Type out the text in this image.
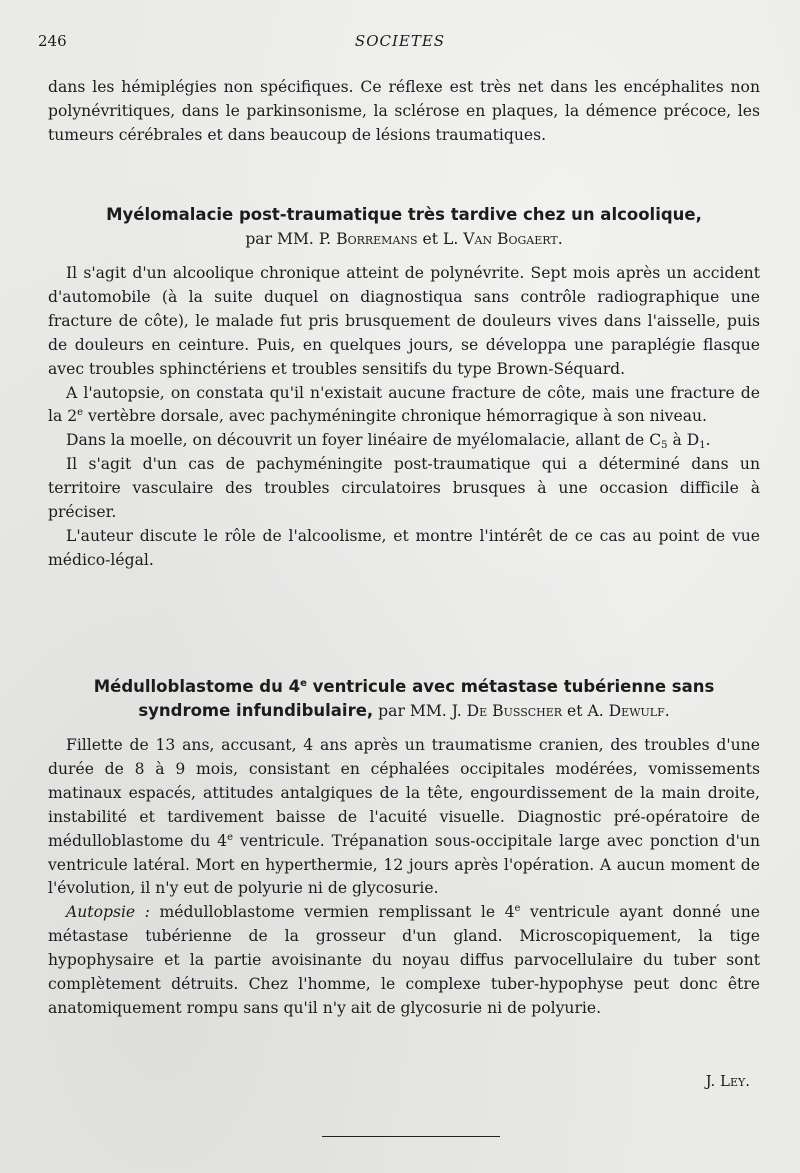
246	SOCIETES

dans les hémiplégies non spécifiques. Ce réflexe est très net dans les encéphalites non polynévritiques, dans le parkinsonisme, la sclérose en plaques, la démence précoce, les tumeurs cérébrales et dans beaucoup de lésions traumatiques.

Myélomalacie post-traumatique très tardive chez un alcoolique,
par MM. P. Borremans et L. Van Bogaert.

Il s'agit d'un alcoolique chronique atteint de polynévrite. Sept mois après un accident d'automobile (à la suite duquel on diagnostiqua sans contrôle radiographique une fracture de côte), le malade fut pris brusquement de douleurs vives dans l'aisselle, puis de douleurs en ceinture. Puis, en quelques jours, se développa une paraplégie flasque avec troubles sphinctériens et troubles sensitifs du type Brown-Séquard.

A l'autopsie, on constata qu'il n'existait aucune fracture de côte, mais une fracture de la 2e vertèbre dorsale, avec pachyméningite chronique hémorragique à son niveau.

Dans la moelle, on découvrit un foyer linéaire de myélomalacie, allant de $C_5$ à $D_1$.

Il s'agit d'un cas de pachyméningite post-traumatique qui a déterminé dans un territoire vasculaire des troubles circulatoires brusques à une occasion difficile à préciser.

L'auteur discute le rôle de l'alcoolisme, et montre l'intérêt de ce cas au point de vue médico-légal.

Médulloblastome du 4e ventricule avec métastase tubérienne sans syndrome infundibulaire, par MM. J. De Busscher et A. Dewulf.

Fillette de 13 ans, accusant, 4 ans après un traumatisme cranien, des troubles d'une durée de 8 à 9 mois, consistant en céphalées occipitales modérées, vomissements matinaux espacés, attitudes antalgiques de la tête, engourdissement de la main droite, instabilité et tardivement baisse de l'acuité visuelle. Diagnostic pré-opératoire de médulloblastome du 4e ventricule. Trépanation sous-occipitale large avec ponction d'un ventricule latéral. Mort en hyperthermie, 12 jours après l'opération. A aucun moment de l'évolution, il n'y eut de polyurie ni de glycosurie.

Autopsie : médulloblastome vermien remplissant le 4e ventricule ayant donné une métastase tubérienne de la grosseur d'un gland. Microscopiquement, la tige hypophysaire et la partie avoisinante du noyau diffus parvocellulaire du tuber sont complètement détruits. Chez l'homme, le complexe tuber-hypophyse peut donc être anatomiquement rompu sans qu'il n'y ait de glycosurie ni de polyurie.

J. Ley.
